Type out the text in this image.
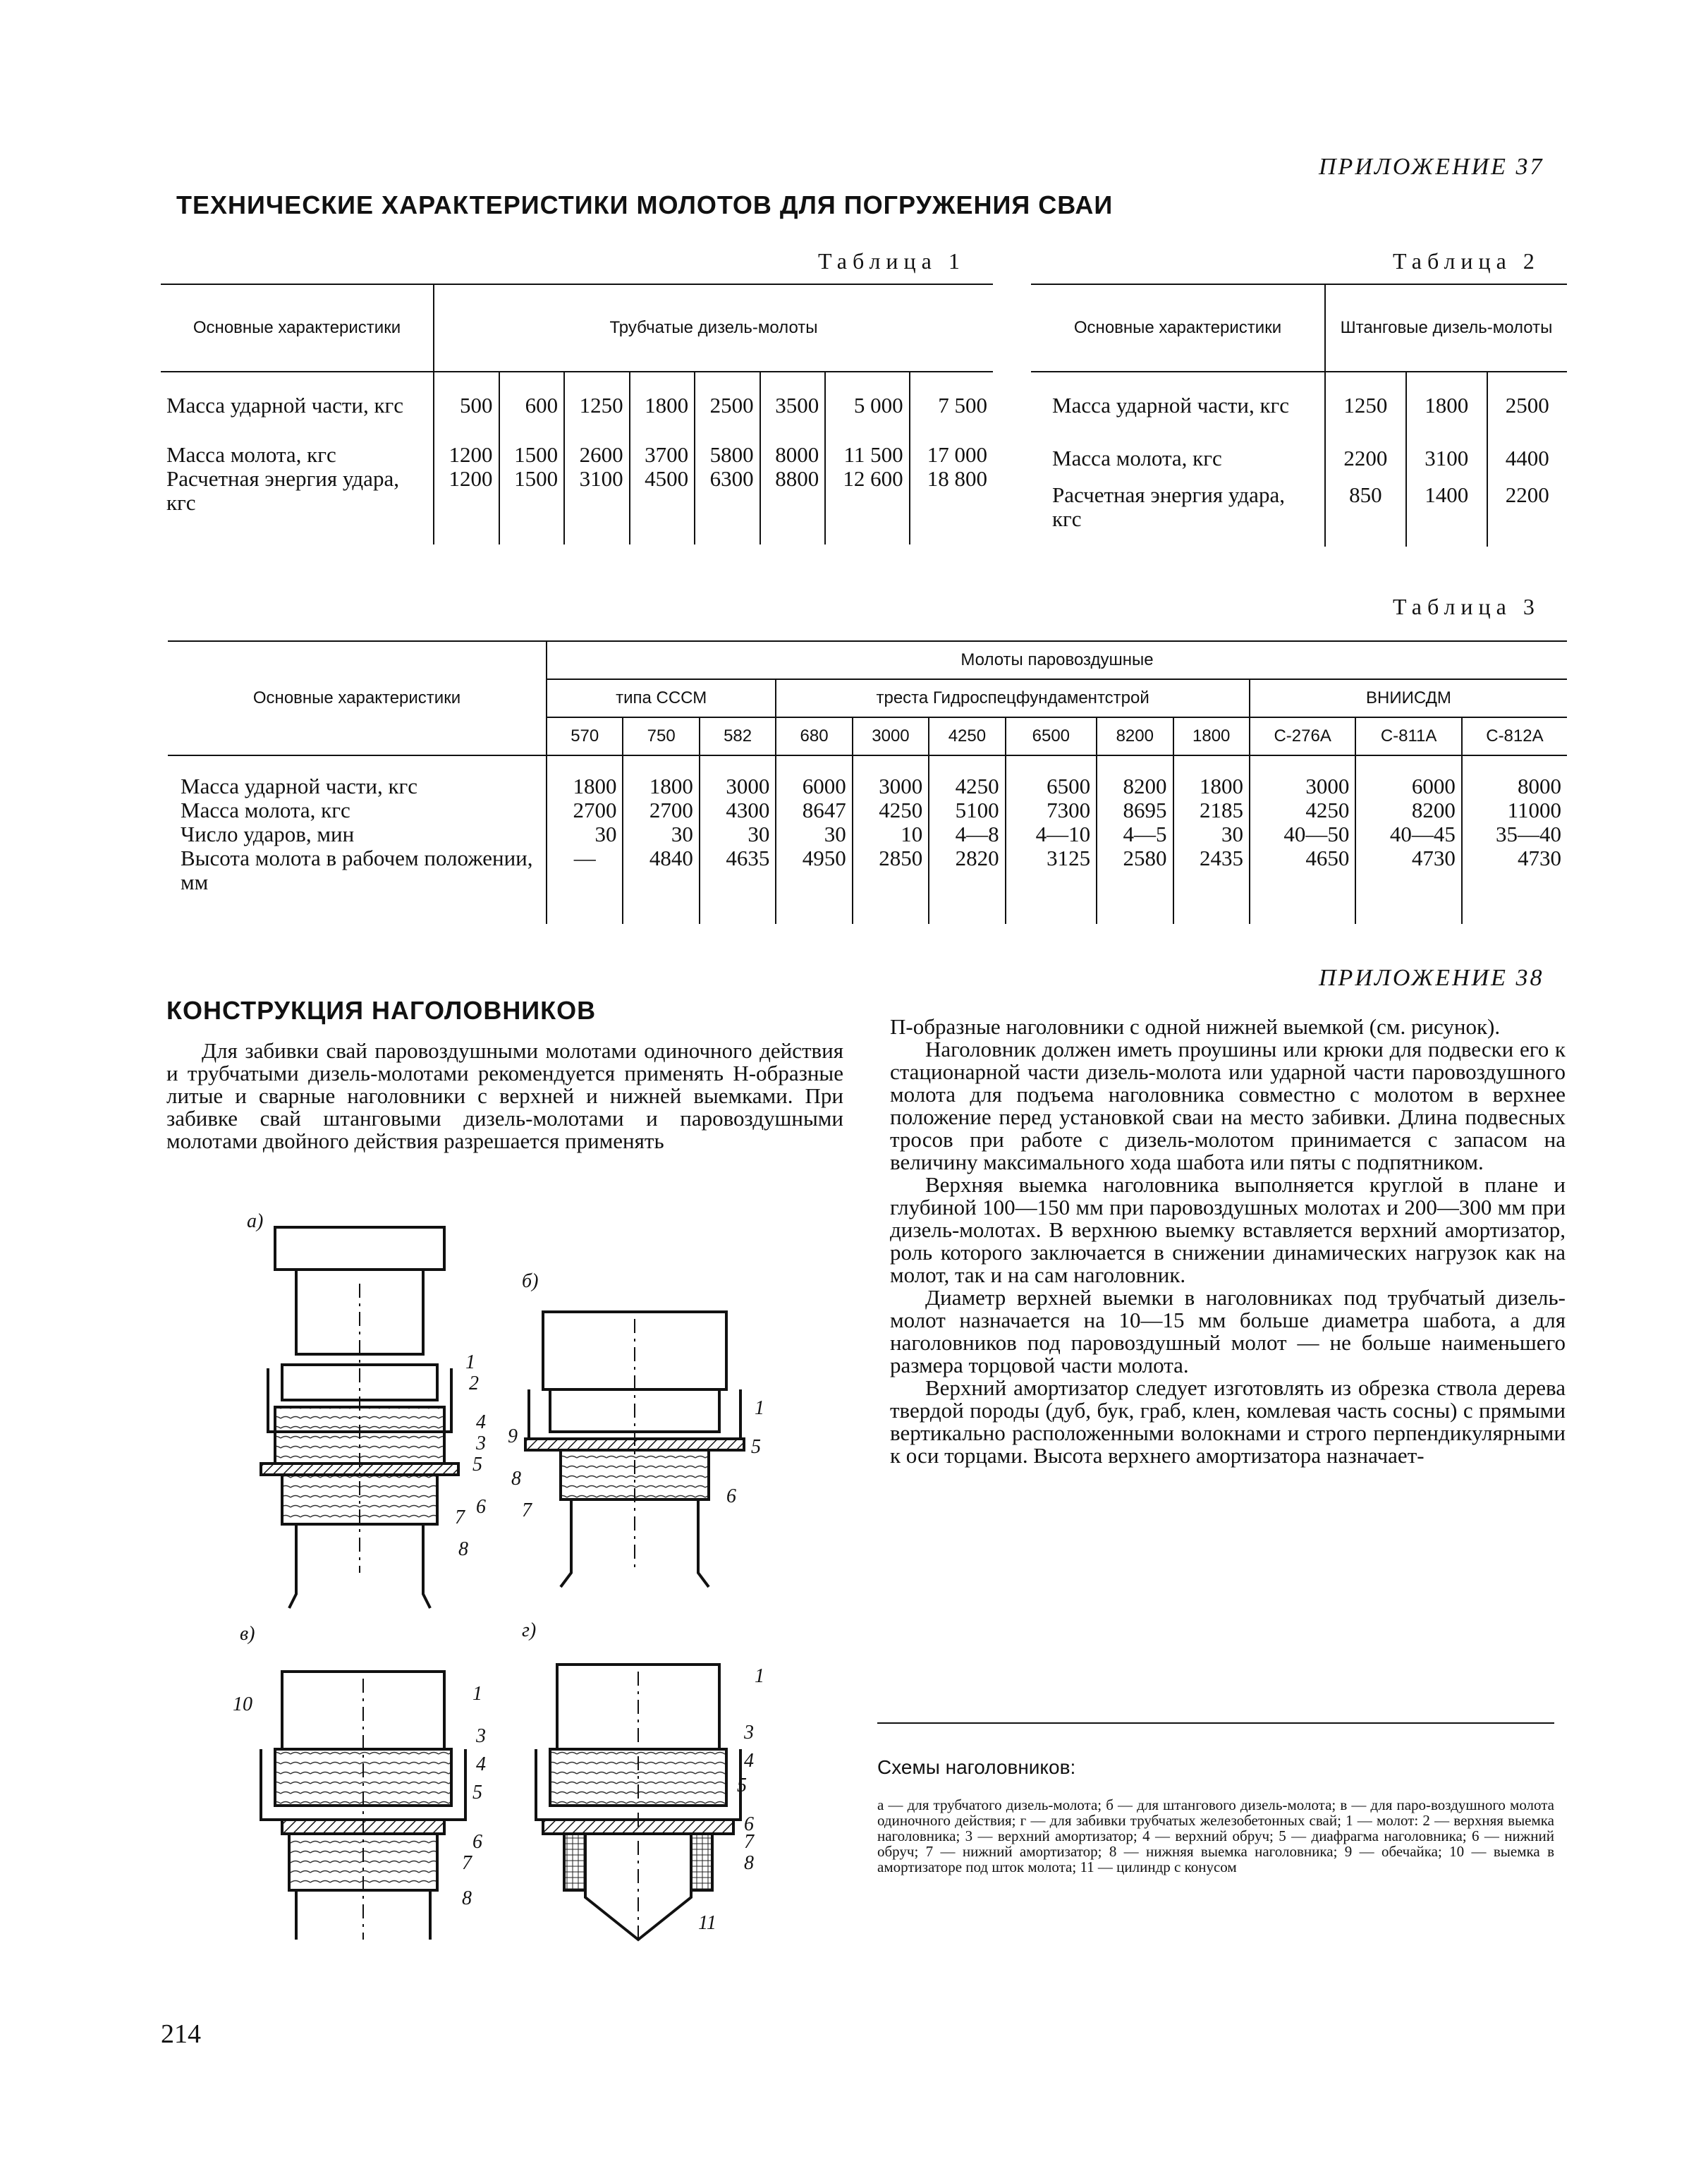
ПРИЛОЖЕНИЕ 37
ТЕХНИЧЕСКИЕ ХАРАКТЕРИСТИКИ МОЛОТОВ ДЛЯ ПОГРУЖЕНИЯ СВАИ
Таблица 1
Основные характеристики	Трубчатые дизель-молоты							

Масса ударной части, кгс	500	600	1250	1800	2500	3500	5 000	7 500
Масса молота, кгс	1200	1500	2600	3700	5800	8000	11 500	17 000
Расчетная энергия удара, кгс	1200	1500	3100	4500	6300	8800	12 600	18 800
Таблица 2
Основные характеристики	Штанговые дизель-молоты		

Масса ударной части, кгс	1250	1800	2500
Масса молота, кгс	2200	3100	4400
Расчетная энергия удара, кгс	850	1400	2200
Таблица 3
Основные характеристики	Молоты паровоздушные											
	типа СССМ			треста Гидроспецфундаментстрой						ВНИИСДМ		
	570	750	582	680	3000	4250	6500	8200	1800	С-276А	С-811А	С-812А

Масса ударной части, кгс	1800	1800	3000	6000	3000	4250	6500	8200	1800	3000	6000	8000
Масса молота, кгс	2700	2700	4300	8647	4250	5100	7300	8695	2185	4250	8200	11000
Число ударов, мин	30	30	30	30	10	4—8	4—10	4—5	30	40—50	40—45	35—40
Высота молота в рабочем положении, мм	—	4840	4635	4950	2850	2820	3125	2580	2435	4650	4730	4730
ПРИЛОЖЕНИЕ 38
КОНСТРУКЦИЯ НАГОЛОВНИКОВ

Для забивки свай паровоздушными молотами одиночного действия и трубчатыми дизель-молотами рекомендуется применять Н-образные литые и сварные наголовники с верхней и нижней выемками. При забивке свай штанговыми дизель-молотами и паровоздушными молотами двойного действия разрешается применять

П-образные наголовники с одной нижней выемкой (см. рисунок).

Наголовник должен иметь проушины или крюки для подвески его к стационарной части дизель-молота или ударной части паровоздушного молота для подъема наголовника совместно с молотом в верхнее положение перед установкой сваи на место забивки. Длина подвесных тросов при работе с дизель-молотом принимается с запасом на величину максимального хода шабота или пяты с подпятником.

Верхняя выемка наголовника выполняется круглой в плане и глубиной 100—150 мм при паровоздушных молотах и 200—300 мм при дизель-молотах. В верхнюю выемку вставляется верхний амортизатор, роль которого заключается в снижении динамических нагрузок как на молот, так и на сам наголовник.

Диаметр верхней выемки в наголовниках под трубчатый дизель-молот назначается на 10—15 мм больше диаметра шабота, а для наголовников под паровоздушный молот — не больше наименьшего размера торцовой части молота.

Верхний амортизатор следует изготовлять из обрезка ствола дерева твердой породы (дуб, бук, граб, клен, комлевая часть сосны) с прямыми вертикально расположенными волокнами и строго перпендикулярными к оси торцами. Высота верхнего амортизатора назначает-

а)
б)
в)	г)
1
2
4
3
5
6
7
8
9
8
7
1
5
6
10	1
3
4
5
6
7
8
1
3
4
5
6
7
8
11
Схемы наголовников:
а — для трубчатого дизель-молота; б — для штангового дизель-молота; в — для паро-воздушного молота одиночного действия; г — для забивки трубчатых железобетонных свай; 1 — молот: 2 — верхняя выемка наголовника; 3 — верхний амортизатор; 4 — верхний обруч; 5 — диафрагма наголовника; 6 — нижний обруч; 7 — нижний амортизатор; 8 — нижняя выемка наголовника; 9 — обечайка; 10 — выемка в амортизаторе под шток молота; 11 — цилиндр с конусом
214
